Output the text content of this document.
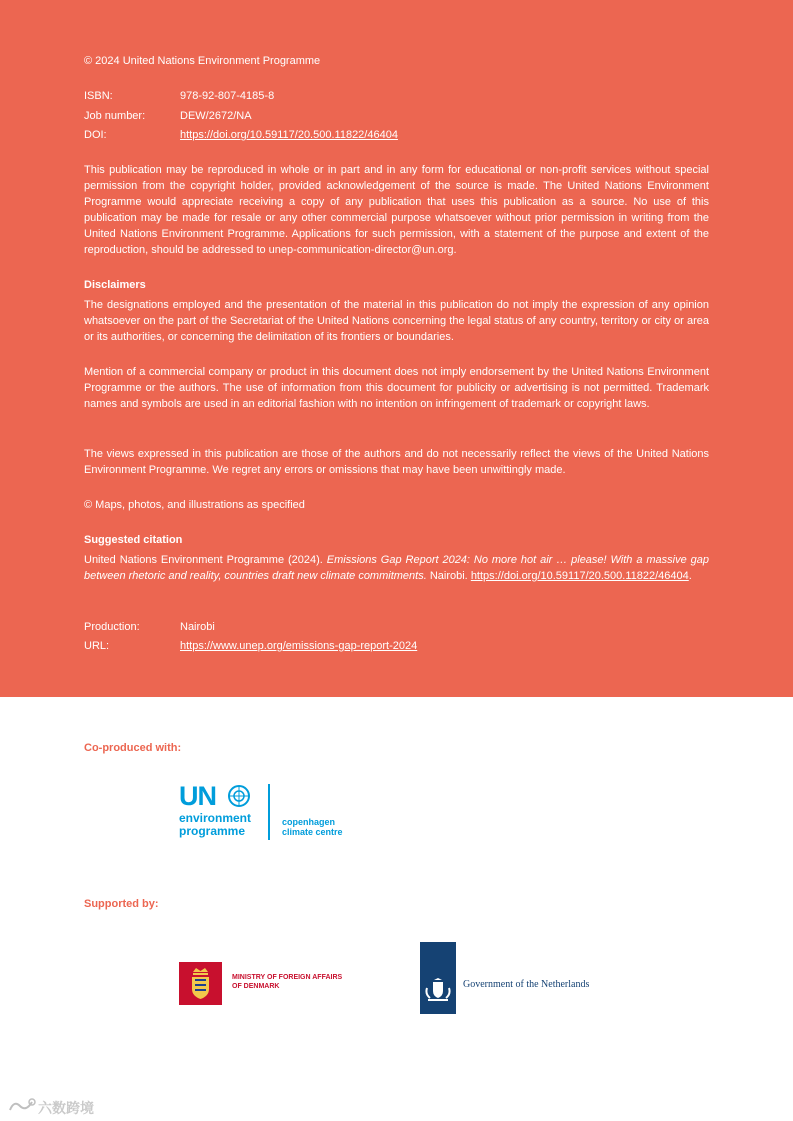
© 2024 United Nations Environment Programme
ISBN:	978-92-807-4185-8
Job number:	DEW/2672/NA
DOI:	https://doi.org/10.59117/20.500.11822/46404
This publication may be reproduced in whole or in part and in any form for educational or non-profit services without special permission from the copyright holder, provided acknowledgement of the source is made. The United Nations Environment Programme would appreciate receiving a copy of any publication that uses this publication as a source. No use of this publication may be made for resale or any other commercial purpose whatsoever without prior permission in writing from the United Nations Environment Programme. Applications for such permission, with a statement of the purpose and extent of the reproduction, should be addressed to unep-communication-director@un.org.
Disclaimers
The designations employed and the presentation of the material in this publication do not imply the expression of any opinion whatsoever on the part of the Secretariat of the United Nations concerning the legal status of any country, territory or city or area or its authorities, or concerning the delimitation of its frontiers or boundaries.
Mention of a commercial company or product in this document does not imply endorsement by the United Nations Environment Programme or the authors. The use of information from this document for publicity or advertising is not permitted. Trademark names and symbols are used in an editorial fashion with no intention on infringement of trademark or copyright laws.
The views expressed in this publication are those of the authors and do not necessarily reflect the views of the United Nations Environment Programme. We regret any errors or omissions that may have been unwittingly made.
© Maps, photos, and illustrations as specified
Suggested citation
United Nations Environment Programme (2024). Emissions Gap Report 2024: No more hot air … please! With a massive gap between rhetoric and reality, countries draft new climate commitments. Nairobi. https://doi.org/10.59117/20.500.11822/46404.
Production:	Nairobi
URL:	https://www.unep.org/emissions-gap-report-2024
Co-produced with:
UN
environment
programme
copenhagen
climate centre
Supported by:
MINISTRY OF FOREIGN AFFAIRS
OF DENMARK	Government of the Netherlands
六数跨境
